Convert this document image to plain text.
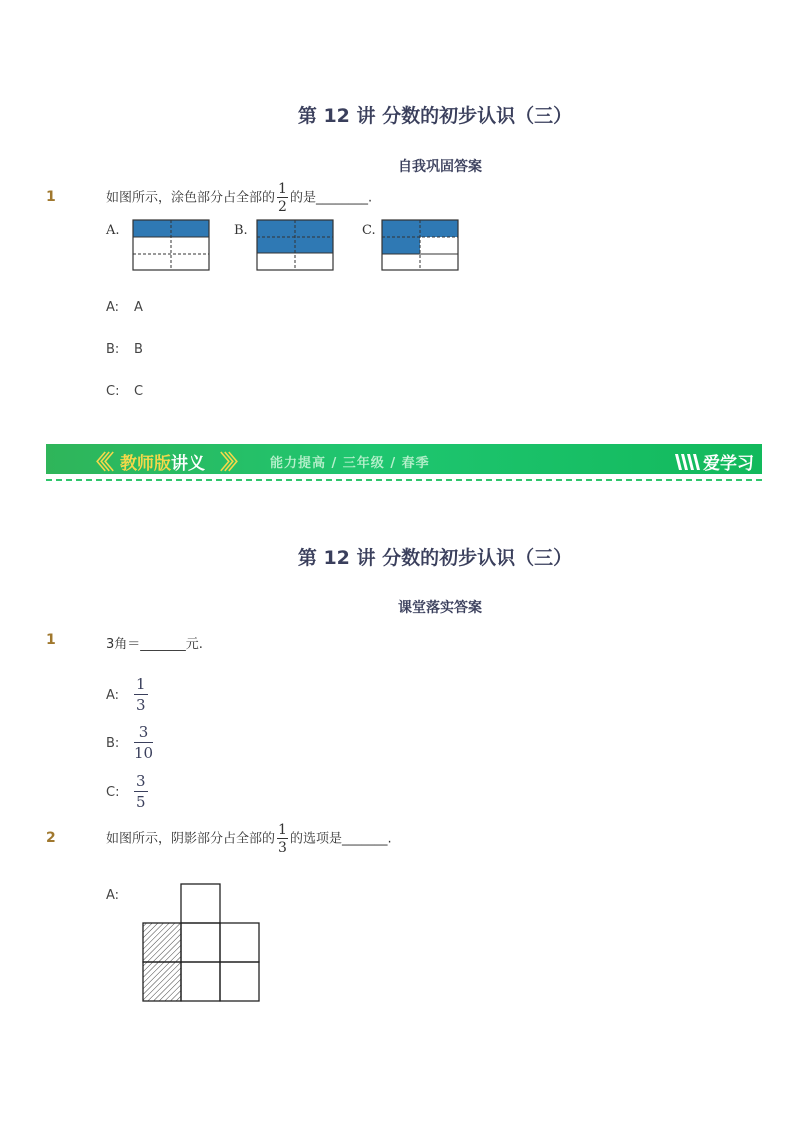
第 12 讲 分数的初步认识（三）
自我巩固答案
1	如图所示，涂色部分占全部的 $\frac{1}{2}$ 的是________.
A.	B.	C.
A: A
B: B
C: C
〈〈〈 教师版讲义 〉〉〉 能力提高 / 三年级 / 春季	爱学习
第 12 讲 分数的初步认识（三）
课堂落实答案
1	3角＝_______元.
A: $\frac{1}{3}$
B: $\frac{3}{10}$
C: $\frac{3}{5}$
2	如图所示，阴影部分占全部的 $\frac{1}{3}$ 的选项是_______.
A:
